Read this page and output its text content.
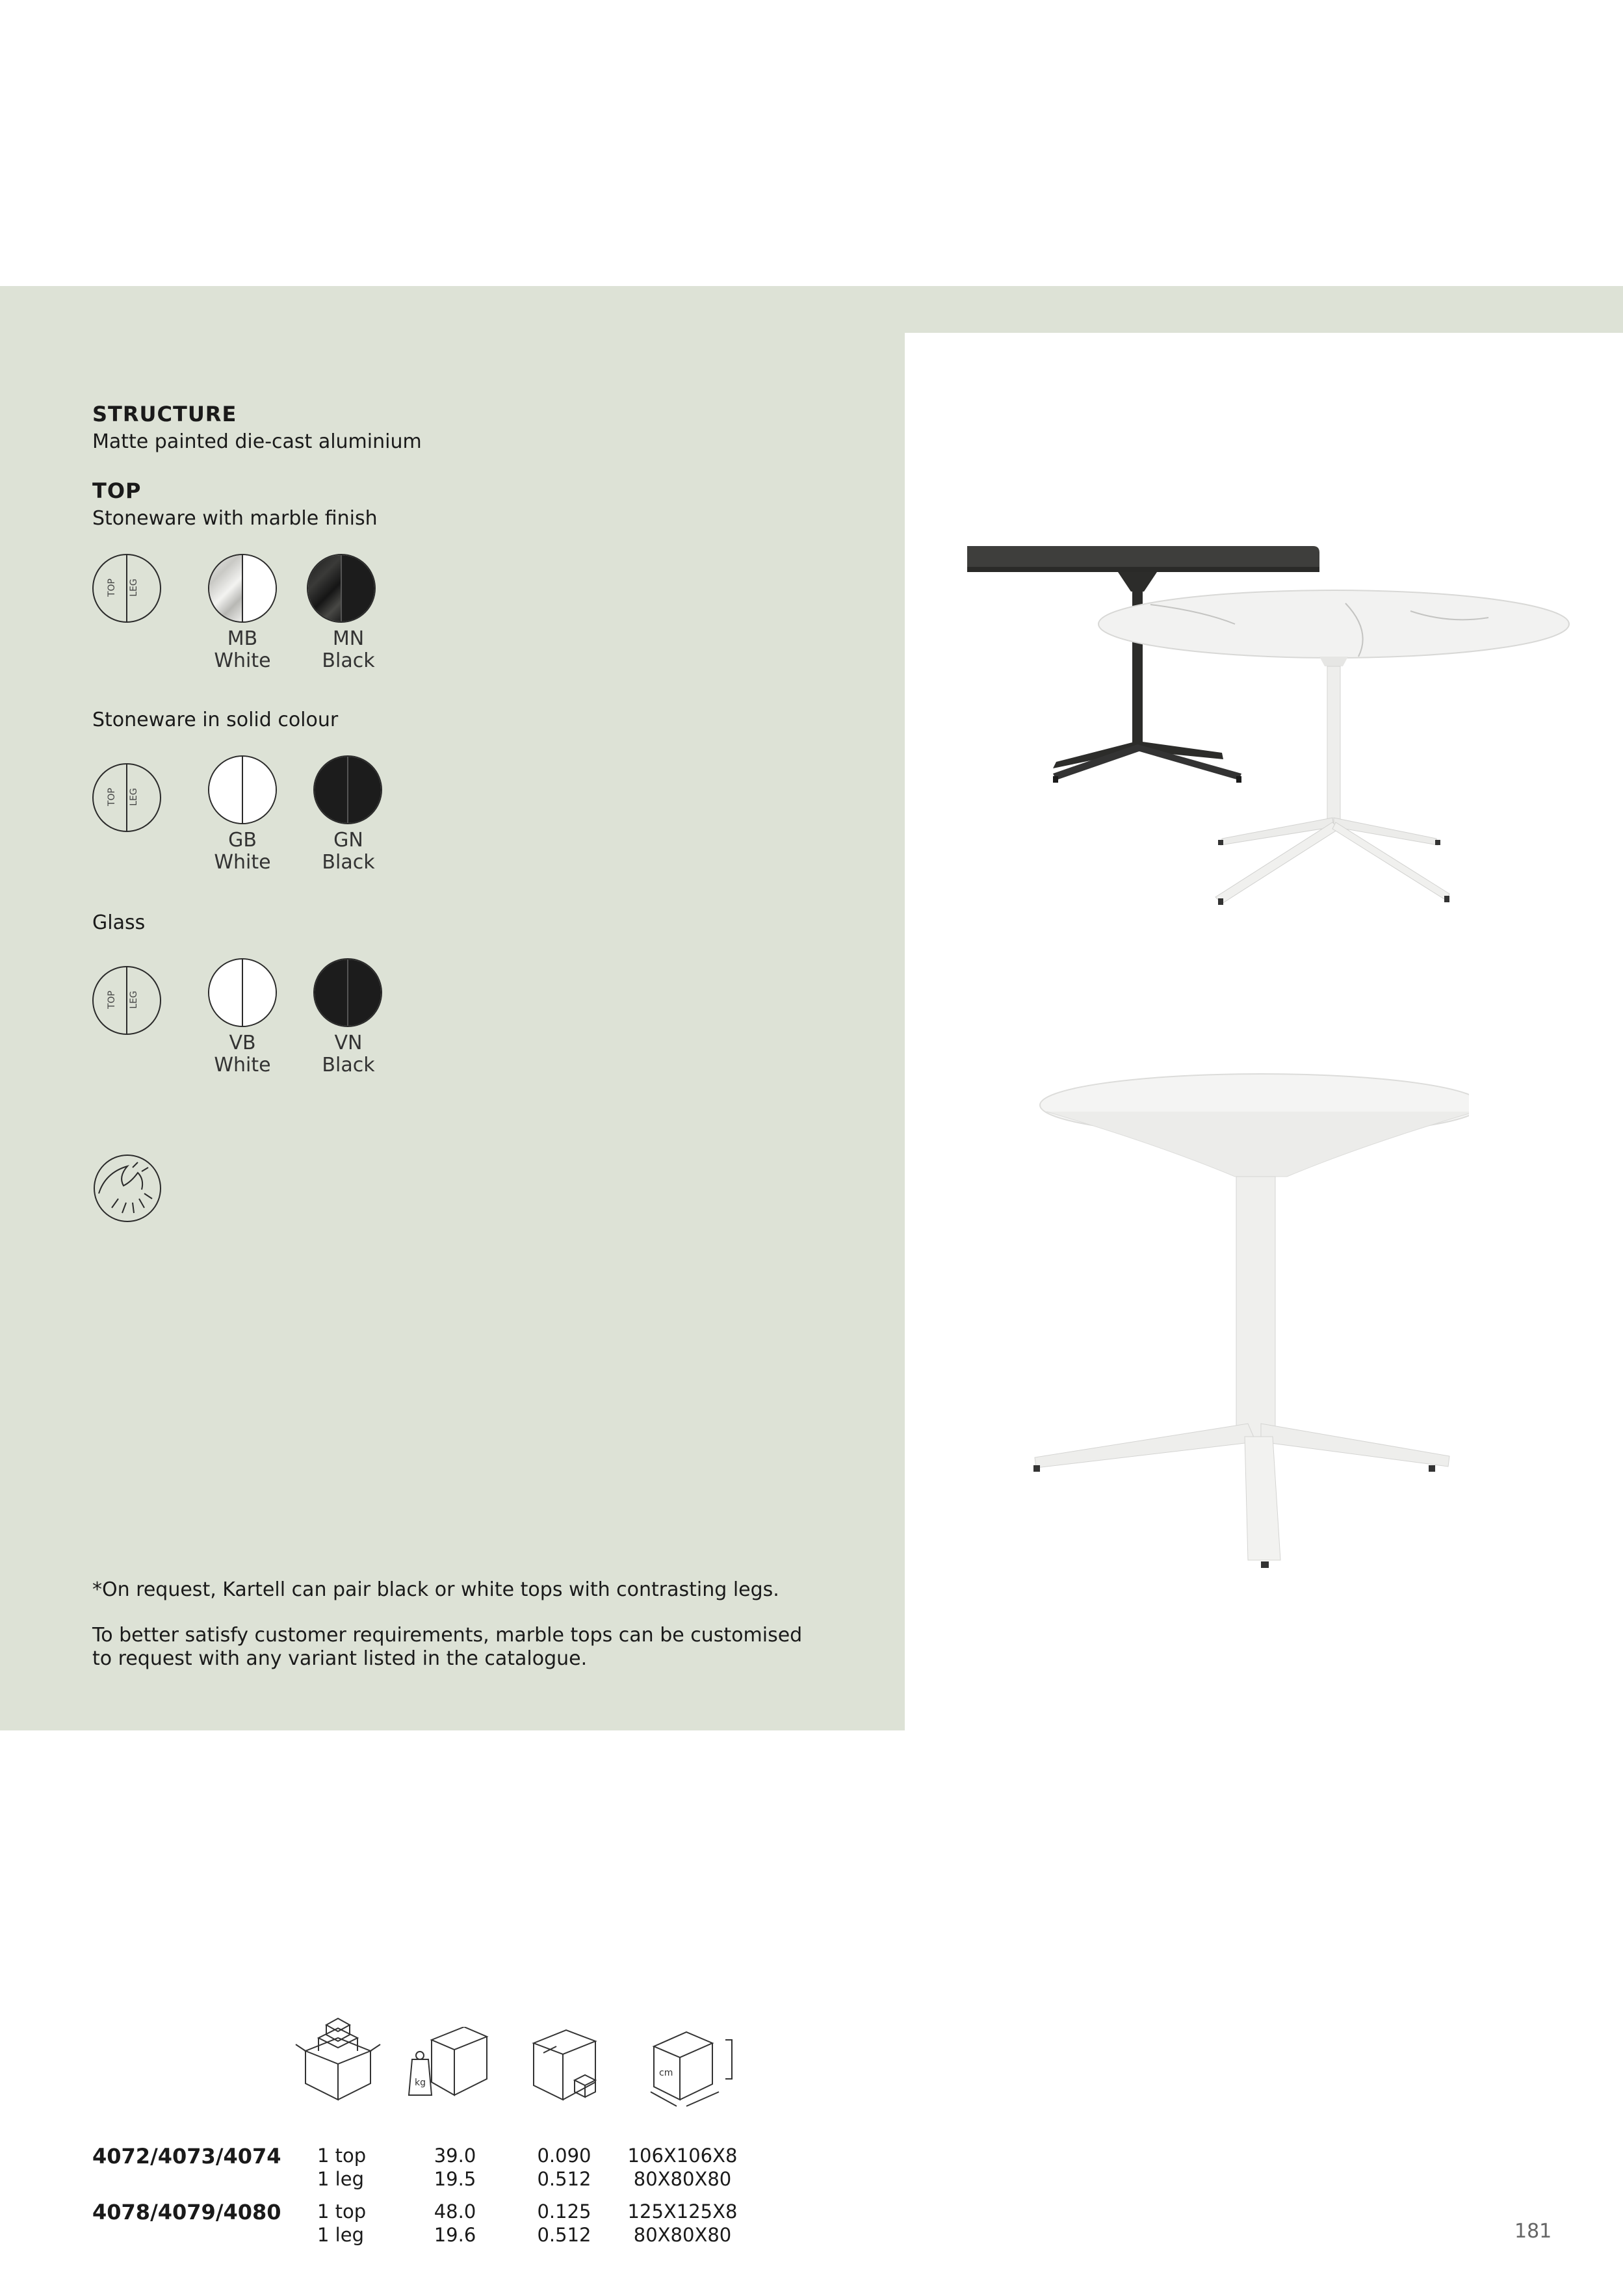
STRUCTURE
Matte painted die-cast aluminium
TOP
Stoneware with marble finish
TOP LEG
MB
White
MN
Black
Stoneware in solid colour
TOP LEG
GB
White
GN
Black
Glass
TOP LEG
VB
White
VN
Black
*On request, Kartell can pair black or white tops with contrasting legs.
To better satisfy customer requirements, marble tops can be customised
to request with any variant listed in the catalogue.
kg
cm
4072/4073/4074 1 top
1 leg
39.0
19.5
0.090
0.512
106X106X8
80X80X80
4078/4079/4080 1 top
1 leg
48.0
19.6
0.125
0.512
125X125X8
80X80X80	181
